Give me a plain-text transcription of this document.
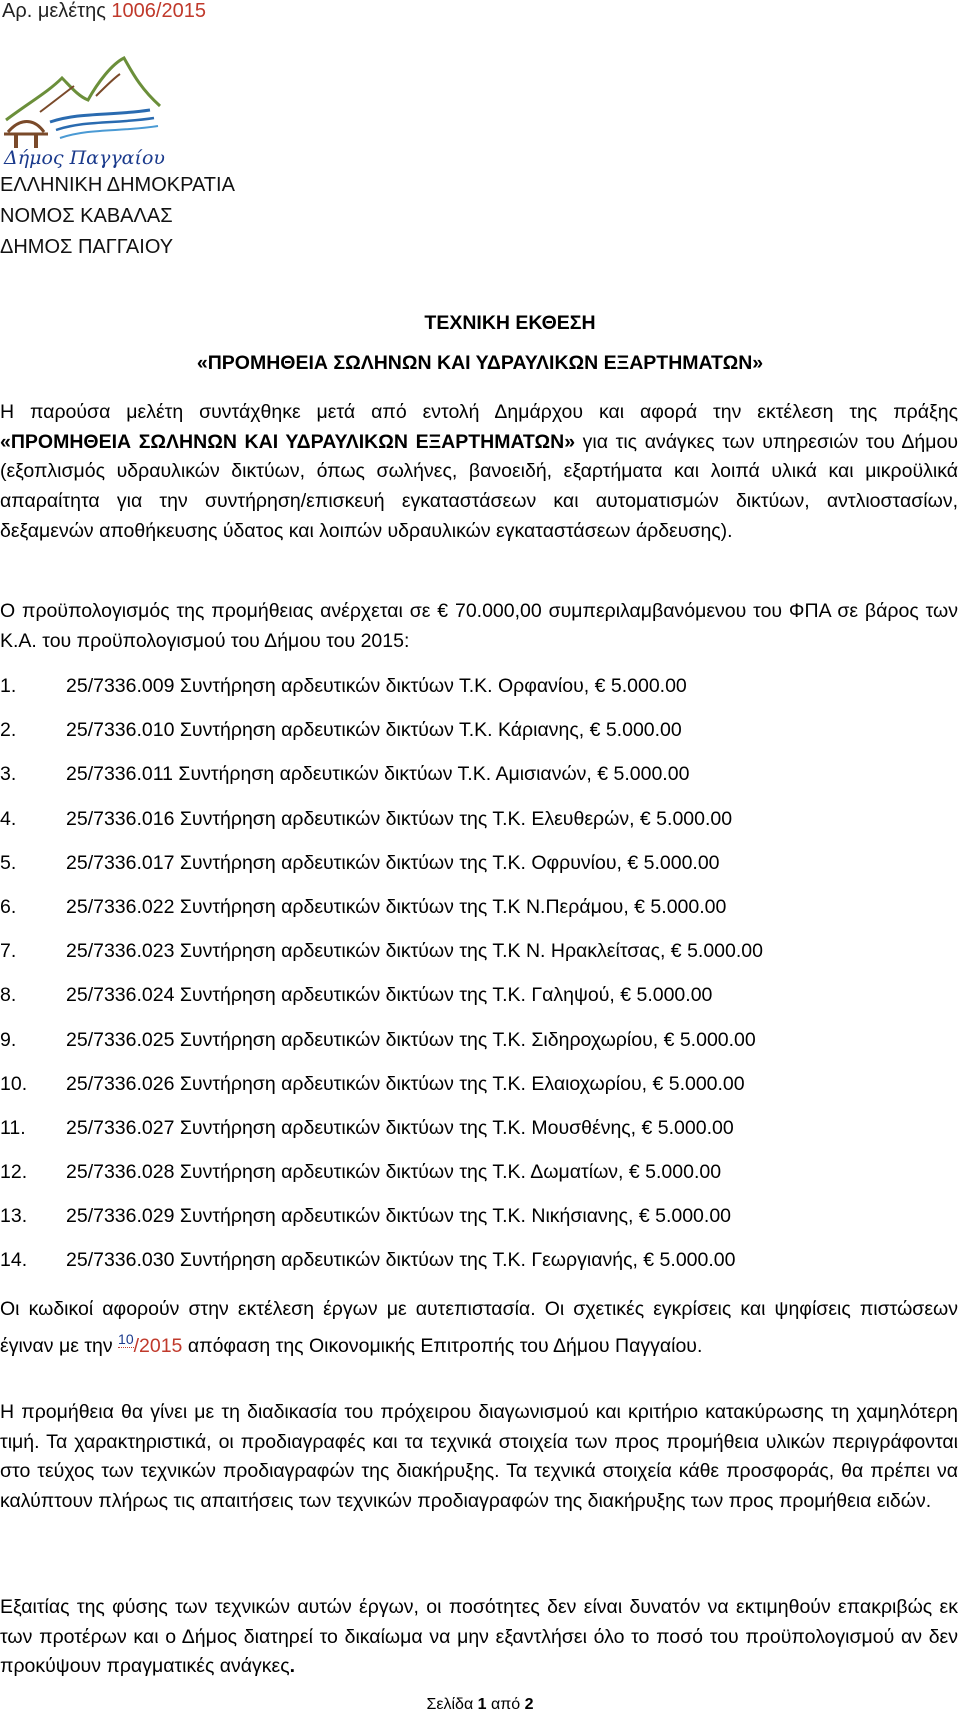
Αρ. μελέτης 1006/2015
Δήμος Παγγαίου
ΕΛΛΗΝΙΚΗ ΔΗΜΟΚΡΑΤΙΑ
ΝΟΜΟΣ ΚΑΒΑΛΑΣ
ΔΗΜΟΣ ΠΑΓΓΑΙΟΥ
ΤΕΧΝΙΚΗ ΕΚΘΕΣΗ
«ΠΡΟΜΗΘΕΙΑ ΣΩΛΗΝΩΝ ΚΑΙ ΥΔΡΑΥΛΙΚΩΝ ΕΞΑΡΤΗΜΑΤΩΝ»
Η παρούσα μελέτη συντάχθηκε μετά από εντολή Δημάρχου και αφορά την εκτέλεση της πράξης «ΠΡΟΜΗΘΕΙΑ ΣΩΛΗΝΩΝ ΚΑΙ ΥΔΡΑΥΛΙΚΩΝ ΕΞΑΡΤΗΜΑΤΩΝ» για τις ανάγκες των υπηρεσιών του Δήμου (εξοπλισμός υδραυλικών δικτύων, όπως σωλήνες, βανοειδή, εξαρτήματα και λοιπά υλικά και μικροϋλικά απαραίτητα για την συντήρηση/επισκευή εγκαταστάσεων και αυτοματισμών δικτύων, αντλιοστασίων, δεξαμενών αποθήκευσης ύδατος και λοιπών υδραυλικών εγκαταστάσεων άρδευσης).
Ο προϋπολογισμός της προμήθειας ανέρχεται σε € 70.000,00 συμπεριλαμβανόμενου του ΦΠΑ σε βάρος των Κ.Α. του προϋπολογισμού του Δήμου του 2015:
1.	25/7336.009 Συντήρηση αρδευτικών δικτύων Τ.Κ. Ορφανίου, € 5.000.00
2.	25/7336.010 Συντήρηση αρδευτικών δικτύων Τ.Κ. Κάριανης, € 5.000.00
3.	25/7336.011 Συντήρηση αρδευτικών δικτύων Τ.Κ. Αμισιανών, € 5.000.00
4.	25/7336.016 Συντήρηση αρδευτικών δικτύων της Τ.Κ. Ελευθερών, € 5.000.00
5.	25/7336.017 Συντήρηση αρδευτικών δικτύων της Τ.Κ. Οφρυνίου, € 5.000.00
6.	25/7336.022 Συντήρηση αρδευτικών δικτύων της Τ.Κ Ν.Περάμου, € 5.000.00
7.	25/7336.023 Συντήρηση αρδευτικών δικτύων της Τ.Κ Ν. Ηρακλείτσας, € 5.000.00
8.	25/7336.024 Συντήρηση αρδευτικών δικτύων της Τ.Κ. Γαληψού, € 5.000.00
9.	25/7336.025 Συντήρηση αρδευτικών δικτύων της Τ.Κ. Σιδηροχωρίου, € 5.000.00
10. 25/7336.026 Συντήρηση αρδευτικών δικτύων της Τ.Κ. Ελαιοχωρίου, € 5.000.00
11. 25/7336.027 Συντήρηση αρδευτικών δικτύων της Τ.Κ. Μουσθένης, € 5.000.00
12. 25/7336.028 Συντήρηση αρδευτικών δικτύων της Τ.Κ. Δωματίων, € 5.000.00
13. 25/7336.029 Συντήρηση αρδευτικών δικτύων της Τ.Κ. Νικήσιανης, € 5.000.00
14. 25/7336.030 Συντήρηση αρδευτικών δικτύων της Τ.Κ. Γεωργιανής, € 5.000.00
Οι κωδικοί αφορούν στην εκτέλεση έργων με αυτεπιστασία. Οι σχετικές εγκρίσεις και ψηφίσεις πιστώσεων έγιναν με την $^{10}$/2015 απόφαση της Οικονομικής Επιτροπής του Δήμου Παγγαίου.
Η προμήθεια θα γίνει με τη διαδικασία του πρόχειρου διαγωνισμού και κριτήριο κατακύρωσης τη χαμηλότερη τιμή. Τα χαρακτηριστικά, οι προδιαγραφές και τα τεχνικά στοιχεία των προς προμήθεια υλικών περιγράφονται στο τεύχος των τεχνικών προδιαγραφών της διακήρυξης. Τα τεχνικά στοιχεία κάθε προσφοράς, θα πρέπει να καλύπτουν πλήρως τις απαιτήσεις των τεχνικών προδιαγραφών της διακήρυξης των προς προμήθεια ειδών.
Εξαιτίας της φύσης των τεχνικών αυτών έργων, οι ποσότητες δεν είναι δυνατόν να εκτιμηθούν επακριβώς εκ των προτέρων και ο Δήμος διατηρεί το δικαίωμα να μην εξαντλήσει όλο το ποσό του προϋπολογισμού αν δεν προκύψουν πραγματικές ανάγκες.
Σελίδα 1 από 2
